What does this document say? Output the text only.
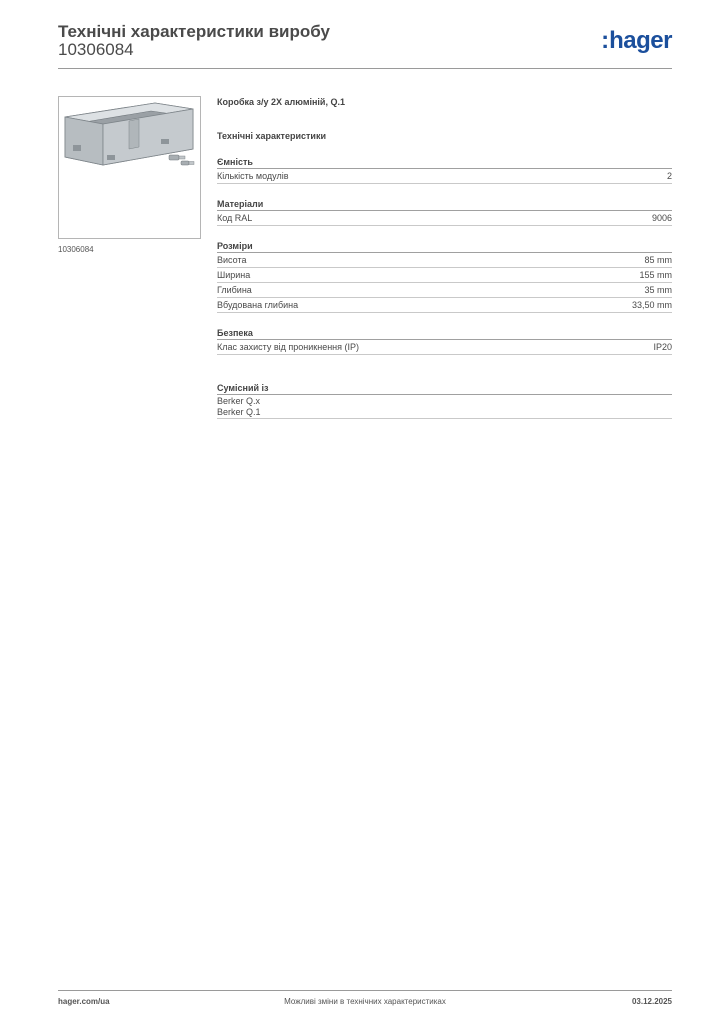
Технічні характеристики виробу
10306084	:hager
10306084
Коробка з/у 2X алюміній, Q.1
Технічні характеристики
Ємність
Кількість модулів	2
Матеріали
Код RAL	9006
Розміри
Висота	85 mm
Ширина	155 mm
Глибина	35 mm
Вбудована глибина	33,50 mm
Безпека
Клас захисту від проникнення (IP)	IP20
Сумісний із
Berker Q.x
Berker Q.1
hager.com/ua	Можливі зміни в технічних характеристиках	03.12.2025
